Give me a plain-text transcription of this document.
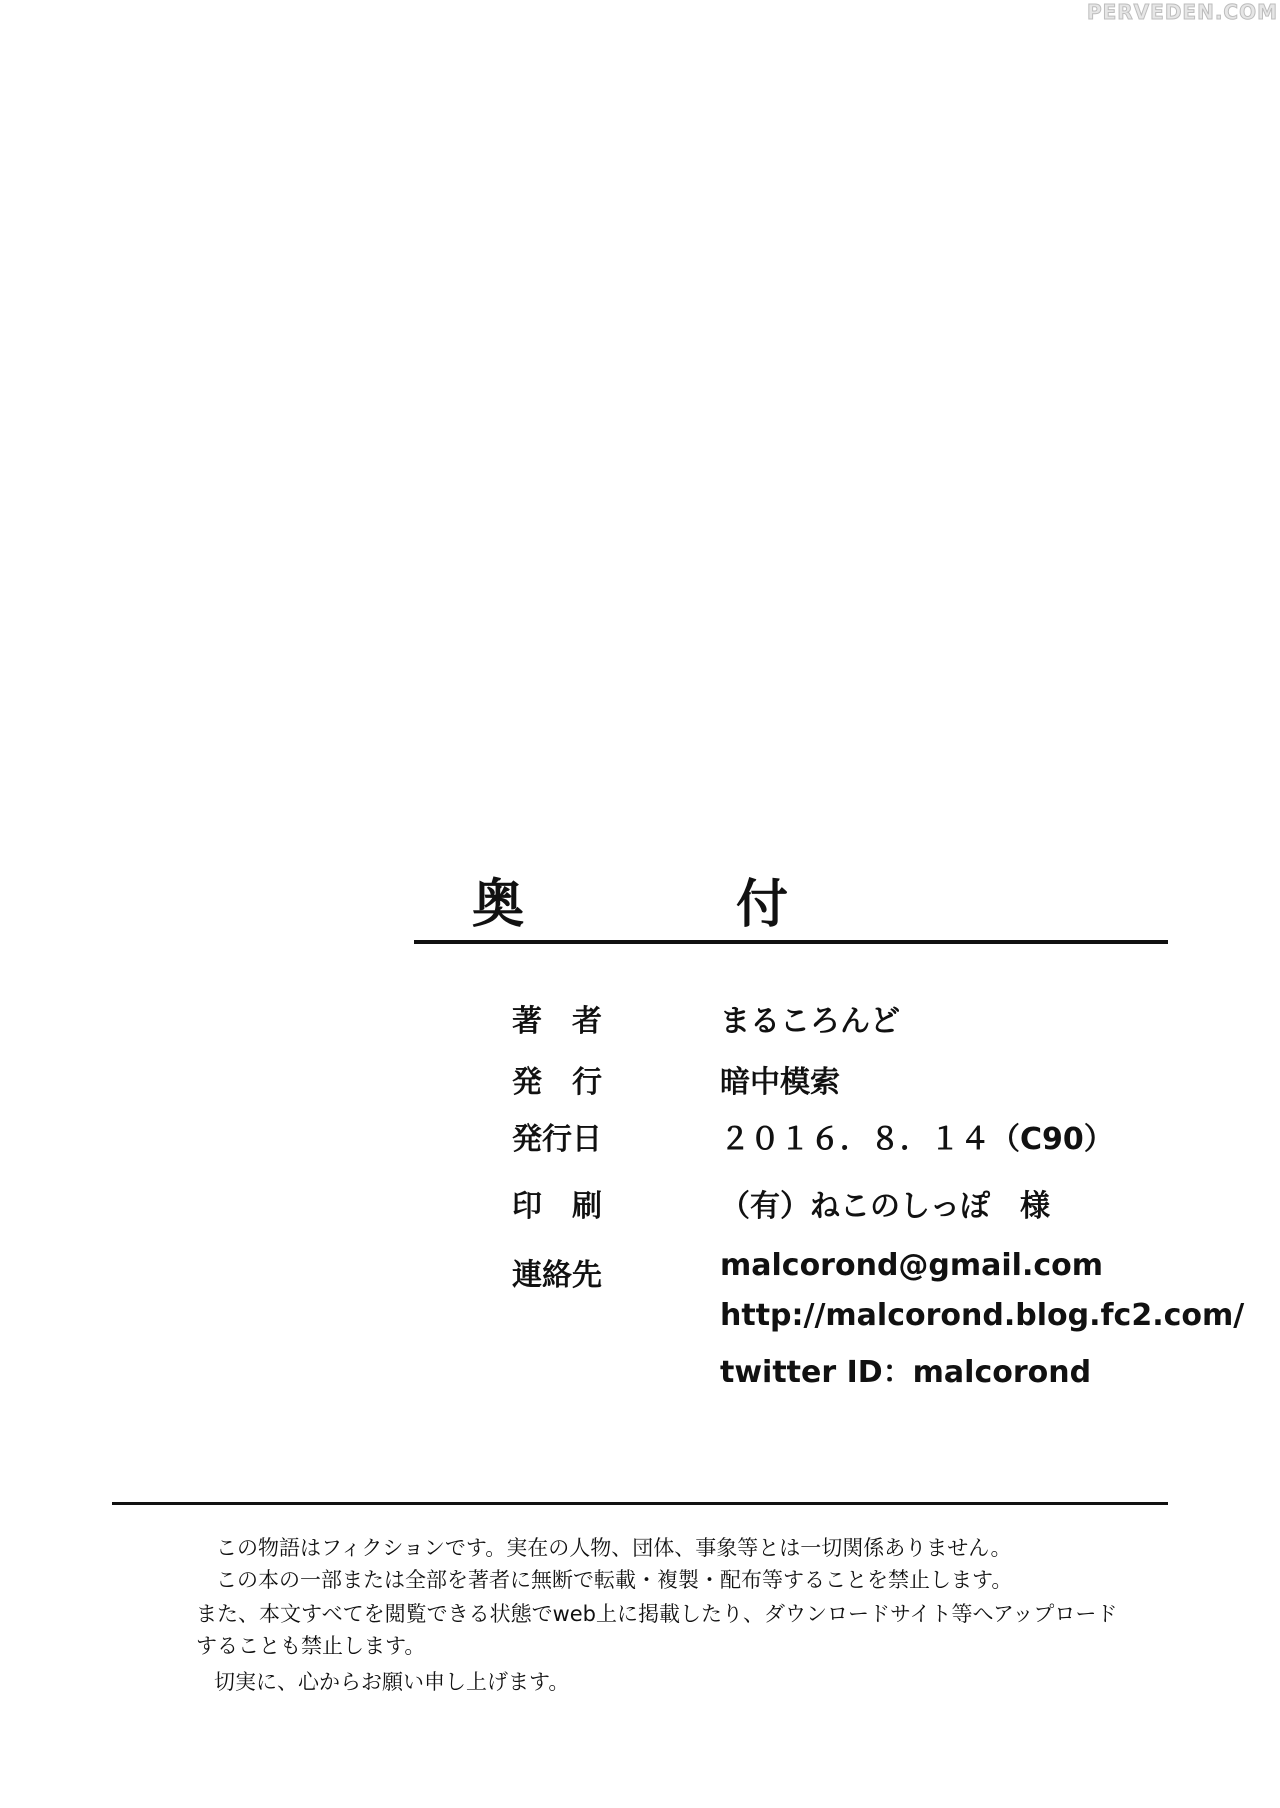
PERVEDEN.COM
奥　付
著　者	まるころんど
発　行	暗中模索
発行日	２０１６．８．１４（C90）
印　刷	（有）ねこのしっぽ　様
連絡先	malcorond@gmail.com
http://malcorond.blog.fc2.com/
twitter ID：malcorond
この物語はフィクションです。実在の人物、団体、事象等とは一切関係ありません。
この本の一部または全部を著者に無断で転載・複製・配布等することを禁止します。
また、本文すべてを閲覧できる状態でweb上に掲載したり、ダウンロードサイト等へアップロード
することも禁止します。
切実に、心からお願い申し上げます。
